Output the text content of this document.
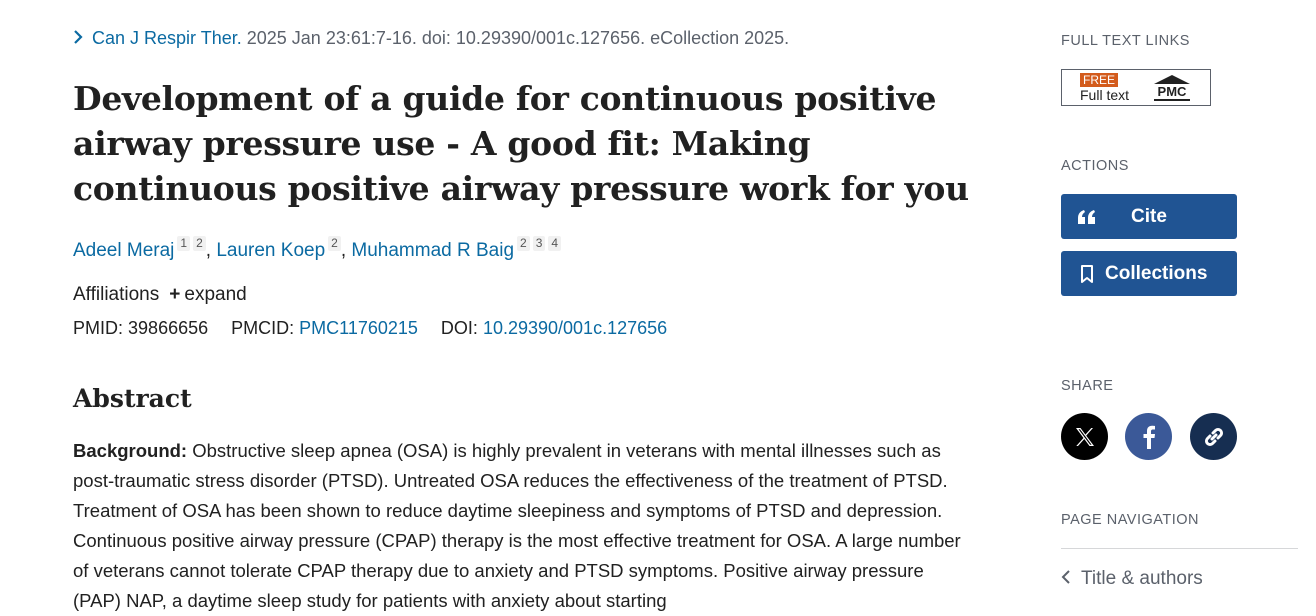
Can J Respir Ther. 2025 Jan 23:61:7-16. doi: 10.29390/001c.127656. eCollection 2025.
Development of a guide for continuous positive airway pressure use - A good fit: Making continuous positive airway pressure work for you
Adeel Meraj 1 2 , Lauren Koep 2 , Muhammad R Baig 2 3 4
Affiliations + expand
PMID: 39866656 PMCID: PMC11760215 DOI: 10.29390/001c.127656
Abstract
Background: Obstructive sleep apnea (OSA) is highly prevalent in veterans with mental illnesses such as post-traumatic stress disorder (PTSD). Untreated OSA reduces the effectiveness of the treatment of PTSD. Treatment of OSA has been shown to reduce daytime sleepiness and symptoms of PTSD and depression. Continuous positive airway pressure (CPAP) therapy is the most effective treatment for OSA. A large number of veterans cannot tolerate CPAP therapy due to anxiety and PTSD symptoms. Positive airway pressure (PAP) NAP, a daytime sleep study for patients with anxiety about starting
FULL TEXT LINKS
FREE
Full text PMC
ACTIONS
Cite
Collections
SHARE
PAGE NAVIGATION
Title & authors
